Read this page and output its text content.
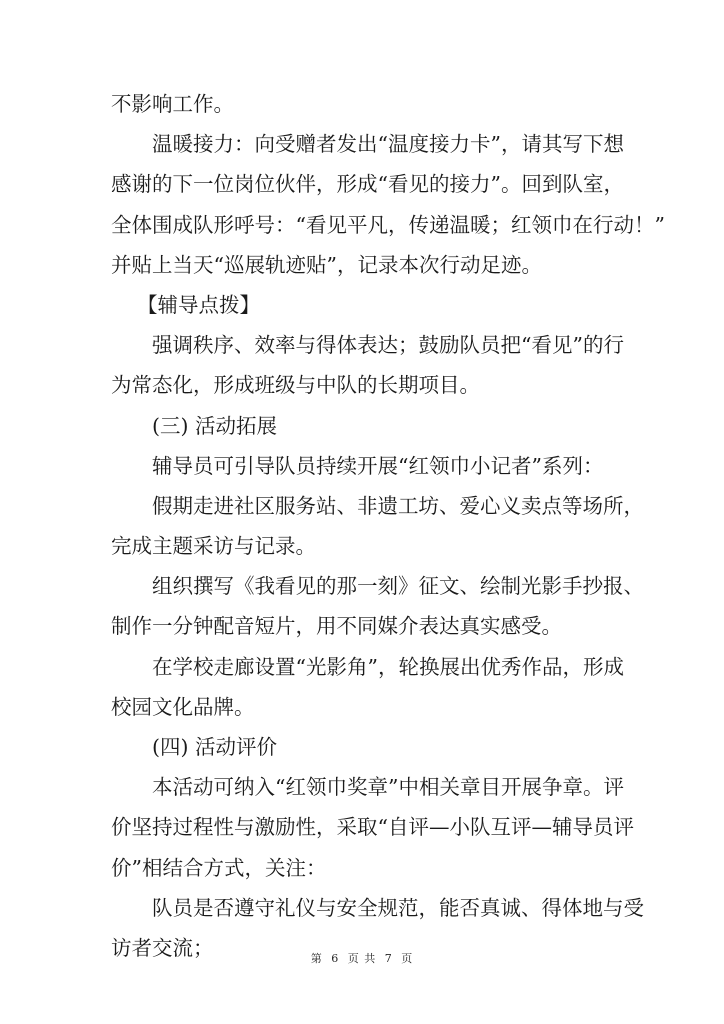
不影响工作。
温暖接力：向受赠者发出“温度接力卡”，请其写下想
感谢的下一位岗位伙伴，形成“看见的接力”。回到队室，
全体围成队形呼号：“看见平凡，传递温暖；红领巾在行动！”
并贴上当天“巡展轨迹贴”，记录本次行动足迹。
【辅导点拨】
强调秩序、效率与得体表达；鼓励队员把“看见”的行
为常态化，形成班级与中队的长期项目。
(三) 活动拓展
辅导员可引导队员持续开展“红领巾小记者”系列：
假期走进社区服务站、非遗工坊、爱心义卖点等场所，
完成主题采访与记录。
组织撰写《我看见的那一刻》征文、绘制光影手抄报、
制作一分钟配音短片，用不同媒介表达真实感受。
在学校走廊设置“光影角”，轮换展出优秀作品，形成
校园文化品牌。
(四) 活动评价
本活动可纳入“红领巾奖章”中相关章目开展争章。评
价坚持过程性与激励性，采取“自评—小队互评—辅导员评
价”相结合方式，关注：
队员是否遵守礼仪与安全规范，能否真诚、得体地与受
访者交流；	第 6 页 共 7 页
